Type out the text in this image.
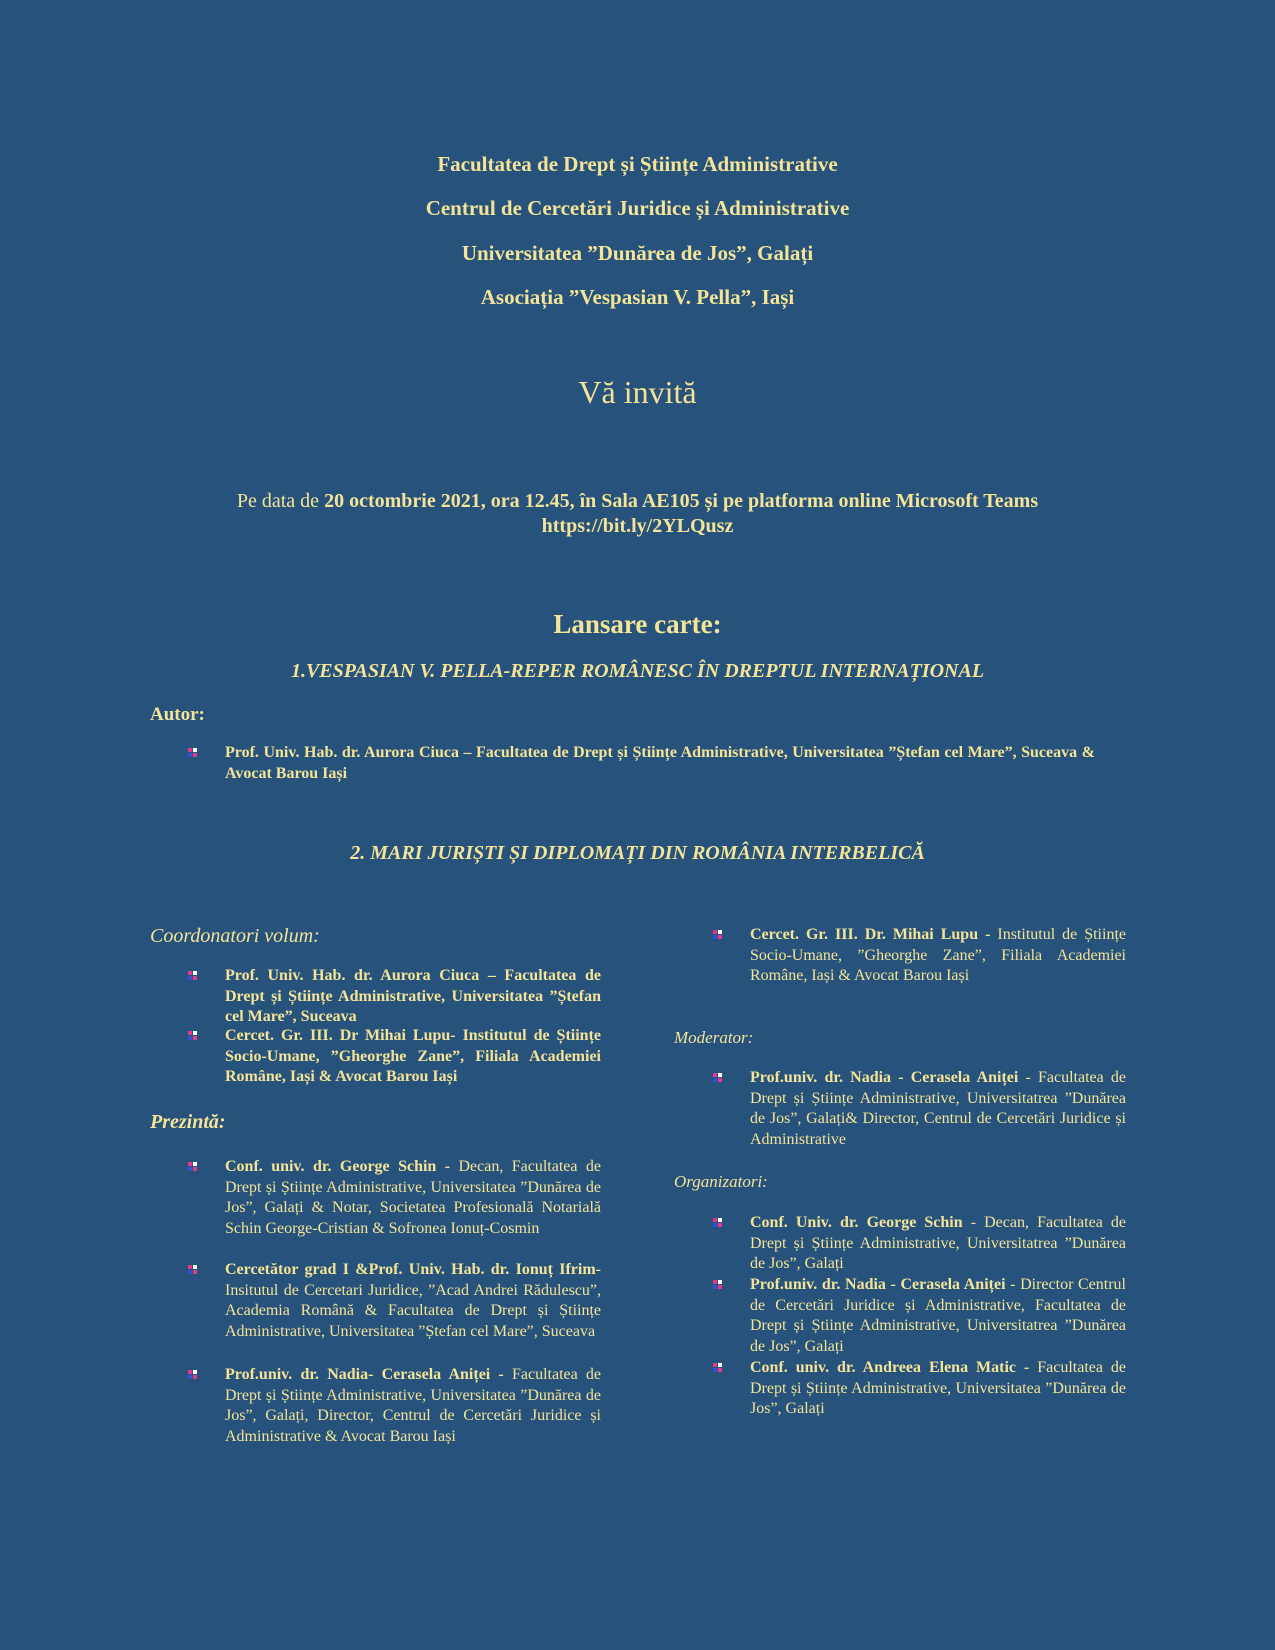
Facultatea de Drept și Științe Administrative
Centrul de Cercetări Juridice și Administrative
Universitatea ”Dunărea de Jos”, Galați
Asociația ”Vespasian V. Pella”, Iași
Vă invită
Pe data de 20 octombrie 2021, ora 12.45, în Sala AE105 și pe platforma online Microsoft Teams
https://bit.ly/2YLQusz
Lansare carte:
1.VESPASIAN V. PELLA-REPER ROMÂNESC ÎN DREPTUL INTERNAȚIONAL
Autor:
Prof. Univ. Hab. dr. Aurora Ciuca – Facultatea de Drept și Științe Administrative, Universitatea ”Ștefan cel Mare”, Suceava & Avocat Barou Iași
2. MARI JURIȘTI ȘI DIPLOMAȚI DIN ROMÂNIA INTERBELICĂ
Coordonatori volum:
Prof. Univ. Hab. dr. Aurora Ciuca – Facultatea de Drept și Științe Administrative, Universitatea ”Ștefan cel Mare”, Suceava
Cercet. Gr. III. Dr Mihai Lupu- Institutul de Științe Socio-Umane, ”Gheorghe Zane”, Filiala Academiei Române, Iași & Avocat Barou Iași
Prezintă:
Conf. univ. dr. George Schin - Decan, Facultatea de Drept și Științe Administrative, Universitatea ”Dunărea de Jos”, Galați & Notar, Societatea Profesională Notarială Schin George-Cristian & Sofronea Ionuț-Cosmin
Cercetător grad I &Prof. Univ. Hab. dr. Ionuț Ifrim- Insitutul de Cercetari Juridice, ”Acad Andrei Rădulescu”, Academia Română & Facultatea de Drept și Științe Administrative, Universitatea ”Ștefan cel Mare”, Suceava
Prof.univ. dr. Nadia- Cerasela Aniței - Facultatea de Drept și Științe Administrative, Universitatea ”Dunărea de Jos”, Galați, Director, Centrul de Cercetări Juridice și Administrative & Avocat Barou Iași
Cercet. Gr. III. Dr. Mihai Lupu - Institutul de Științe Socio-Umane, ”Gheorghe Zane”, Filiala Academiei Române, Iași & Avocat Barou Iași
Moderator:
Prof.univ. dr. Nadia - Cerasela Aniței - Facultatea de Drept și Științe Administrative, Universitatrea ”Dunărea de Jos”, Galați& Director, Centrul de Cercetări Juridice și Administrative
Organizatori:
Conf. Univ. dr. George Schin - Decan, Facultatea de Drept și Științe Administrative, Universitatrea ”Dunărea de Jos”, Galați
Prof.univ. dr. Nadia - Cerasela Aniței - Director Centrul de Cercetări Juridice și Administrative, Facultatea de Drept și Științe Administrative, Universitatrea ”Dunărea de Jos”, Galați
Conf. univ. dr. Andreea Elena Matic - Facultatea de Drept și Științe Administrative, Universitatea ”Dunărea de Jos”, Galați
